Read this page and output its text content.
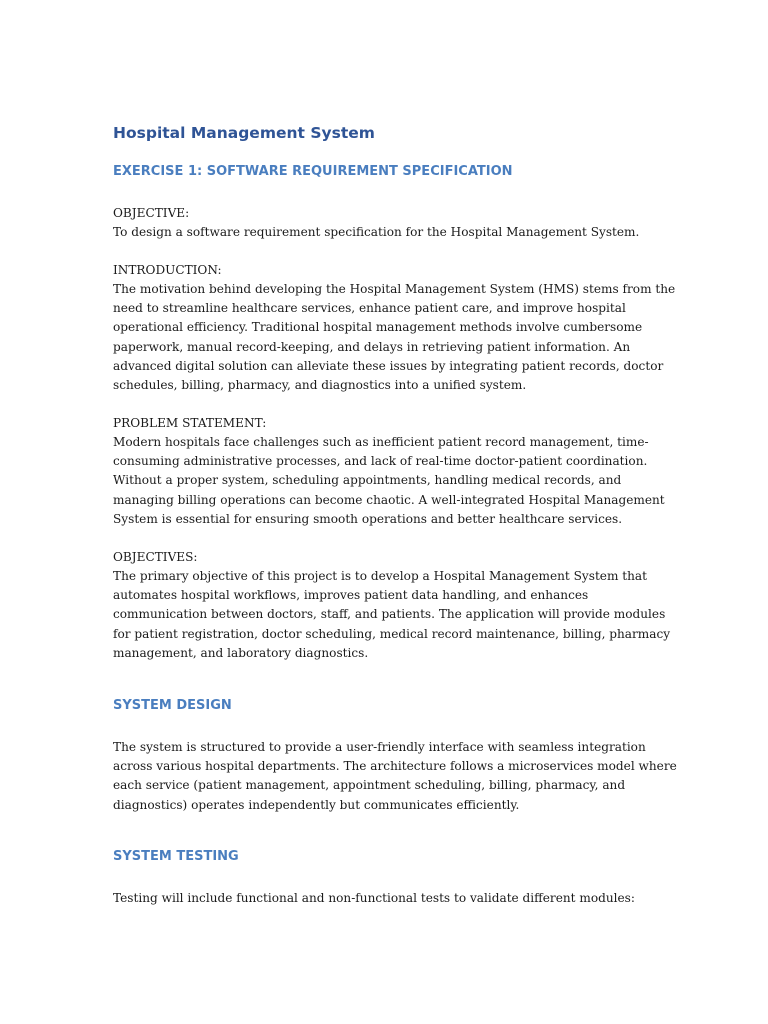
Hospital Management System
EXERCISE 1: SOFTWARE REQUIREMENT SPECIFICATION

OBJECTIVE:

To design a software requirement specification for the Hospital Management System.

INTRODUCTION:

The motivation behind developing the Hospital Management System (HMS) stems from the
need to streamline healthcare services, enhance patient care, and improve hospital
operational efficiency. Traditional hospital management methods involve cumbersome
paperwork, manual record-keeping, and delays in retrieving patient information. An
advanced digital solution can alleviate these issues by integrating patient records, doctor
schedules, billing, pharmacy, and diagnostics into a unified system.

PROBLEM STATEMENT:

Modern hospitals face challenges such as inefficient patient record management, time-
consuming administrative processes, and lack of real-time doctor-patient coordination.
Without a proper system, scheduling appointments, handling medical records, and
managing billing operations can become chaotic. A well-integrated Hospital Management
System is essential for ensuring smooth operations and better healthcare services.

OBJECTIVES:

The primary objective of this project is to develop a Hospital Management System that
automates hospital workflows, improves patient data handling, and enhances
communication between doctors, staff, and patients. The application will provide modules
for patient registration, doctor scheduling, medical record maintenance, billing, pharmacy
management, and laboratory diagnostics.

SYSTEM DESIGN

The system is structured to provide a user-friendly interface with seamless integration
across various hospital departments. The architecture follows a microservices model where
each service (patient management, appointment scheduling, billing, pharmacy, and
diagnostics) operates independently but communicates efficiently.

SYSTEM TESTING

Testing will include functional and non-functional tests to validate different modules:
